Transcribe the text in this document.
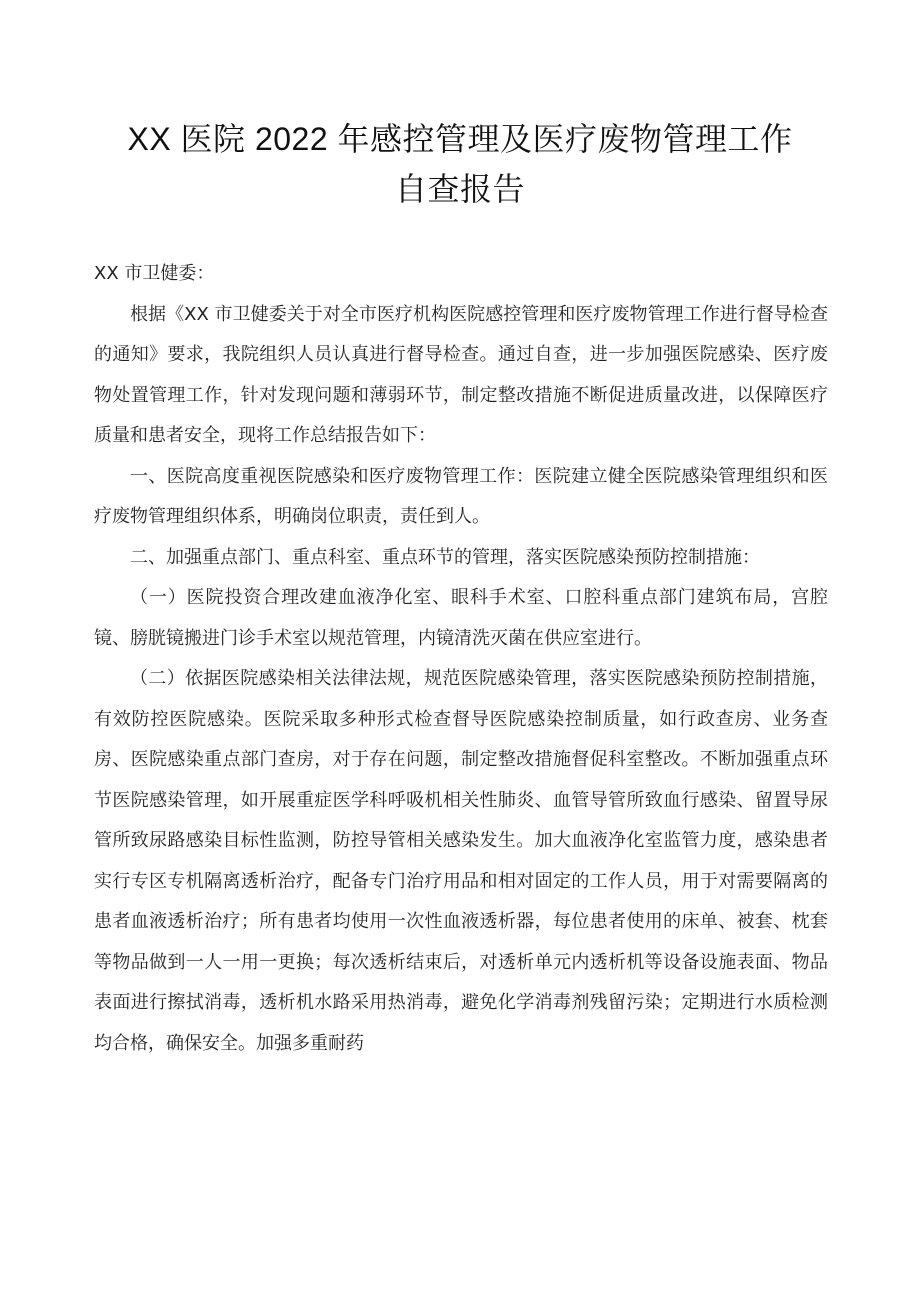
XX 医院 2022 年感控管理及医疗废物管理工作
自查报告

XX 市卫健委：

根据《XX 市卫健委关于对全市医疗机构医院感控管理和医疗废物管理工作进行督导检查的通知》要求，我院组织人员认真进行督导检查。通过自查，进一步加强医院感染、医疗废物处置管理工作，针对发现问题和薄弱环节，制定整改措施不断促进质量改进，以保障医疗质量和患者安全，现将工作总结报告如下：

一、医院高度重视医院感染和医疗废物管理工作：医院建立健全医院感染管理组织和医疗废物管理组织体系，明确岗位职责，责任到人。

二、加强重点部门、重点科室、重点环节的管理，落实医院感染预防控制措施：

（一）医院投资合理改建血液净化室、眼科手术室、口腔科重点部门建筑布局，宫腔镜、膀胱镜搬进门诊手术室以规范管理，内镜清洗灭菌在供应室进行。

（二）依据医院感染相关法律法规，规范医院感染管理，落实医院感染预防控制措施，有效防控医院感染。医院采取多种形式检查督导医院感染控制质量，如行政查房、业务查房、医院感染重点部门查房，对于存在问题，制定整改措施督促科室整改。不断加强重点环节医院感染管理，如开展重症医学科呼吸机相关性肺炎、血管导管所致血行感染、留置导尿管所致尿路感染目标性监测，防控导管相关感染发生。加大血液净化室监管力度，感染患者实行专区专机隔离透析治疗，配备专门治疗用品和相对固定的工作人员，用于对需要隔离的患者血液透析治疗；所有患者均使用一次性血液透析器，每位患者使用的床单、被套、枕套等物品做到一人一用一更换；每次透析结束后，对透析单元内透析机等设备设施表面、物品表面进行擦拭消毒，透析机水路采用热消毒，避免化学消毒剂残留污染；定期进行水质检测均合格，确保安全。加强多重耐药
